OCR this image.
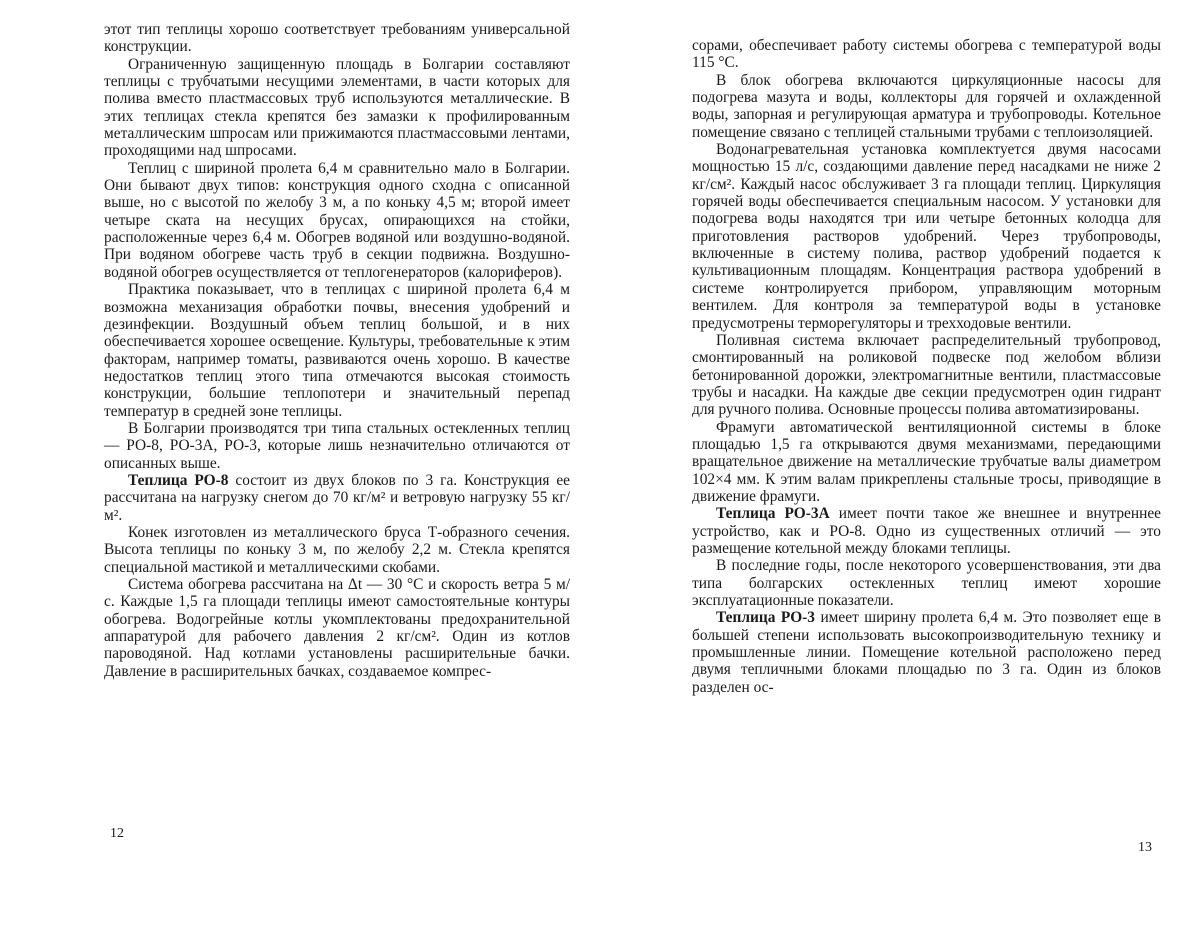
этот тип теплицы хорошо соответствует требованиям универсальной конструкции.

Ограниченную защищенную площадь в Болгарии составляют теплицы с трубчатыми несущими элементами, в части которых для полива вместо пластмассовых труб используются металлические. В этих теплицах стекла крепятся без замазки к профилированным металлическим шпросам или прижимаются пластмассовыми лентами, проходящими над шпросами.

Теплиц с шириной пролета 6,4 м сравнительно мало в Болгарии. Они бывают двух типов: конструкция одного сходна с описанной выше, но с высотой по желобу 3 м, а по коньку 4,5 м; второй имеет четыре ската на несущих брусах, опирающихся на стойки, расположенные через 6,4 м. Обогрев водяной или воздушно-водяной. При водяном обогреве часть труб в секции подвижна. Воздушно-водяной обогрев осуществляется от теплогенераторов (калориферов).

Практика показывает, что в теплицах с шириной пролета 6,4 м возможна механизация обработки почвы, внесения удобрений и дезинфекции. Воздушный объем теплиц большой, и в них обеспечивается хорошее освещение. Культуры, требовательные к этим факторам, например томаты, развиваются очень хорошо. В качестве недостатков теплиц этого типа отмечаются высокая стоимость конструкции, большие теплопотери и значительный перепад температур в средней зоне теплицы.

В Болгарии производятся три типа стальных остекленных теплиц — РО-8, РО-3А, РО-3, которые лишь незначительно отличаются от описанных выше.

Теплица РО-8 состоит из двух блоков по 3 га. Конструкция ее рассчитана на нагрузку снегом до 70 кг/м² и ветровую нагрузку 55 кг/м².

Конек изготовлен из металлического бруса Т-образного сечения. Высота теплицы по коньку 3 м, по желобу 2,2 м. Стекла крепятся специальной мастикой и металлическими скобами.

Система обогрева рассчитана на Δt — 30 °С и скорость ветра 5 м/с. Каждые 1,5 га площади теплицы имеют самостоятельные контуры обогрева. Водогрейные котлы укомплектованы предохранительной аппаратурой для рабочего давления 2 кг/см². Один из котлов пароводяной. Над котлами установлены расширительные бачки. Давление в расширительных бачках, создаваемое компрес-

12

сорами, обеспечивает работу системы обогрева с температурой воды 115 °С.

В блок обогрева включаются циркуляционные насосы для подогрева мазута и воды, коллекторы для горячей и охлажденной воды, запорная и регулирующая арматура и трубопроводы. Котельное помещение связано с теплицей стальными трубами с теплоизоляцией.

Водонагревательная установка комплектуется двумя насосами мощностью 15 л/с, создающими давление перед насадками не ниже 2 кг/см². Каждый насос обслуживает 3 га площади теплиц. Циркуляция горячей воды обеспечивается специальным насосом. У установки для подогрева воды находятся три или четыре бетонных колодца для приготовления растворов удобрений. Через трубопроводы, включенные в систему полива, раствор удобрений подается к культивационным площадям. Концентрация раствора удобрений в системе контролируется прибором, управляющим моторным вентилем. Для контроля за температурой воды в установке предусмотрены терморегуляторы и трехходовые вентили.

Поливная система включает распределительный трубопровод, смонтированный на роликовой подвеске под желобом вблизи бетонированной дорожки, электромагнитные вентили, пластмассовые трубы и насадки. На каждые две секции предусмотрен один гидрант для ручного полива. Основные процессы полива автоматизированы.

Фрамуги автоматической вентиляционной системы в блоке площадью 1,5 га открываются двумя механизмами, передающими вращательное движение на металлические трубчатые валы диаметром 102×4 мм. К этим валам прикреплены стальные тросы, приводящие в движение фрамуги.

Теплица РО-3А имеет почти такое же внешнее и внутреннее устройство, как и РО-8. Одно из существенных отличий — это размещение котельной между блоками теплицы.

В последние годы, после некоторого усовершенствования, эти два типа болгарских остекленных теплиц имеют хорошие эксплуатационные показатели.

Теплица РО-3 имеет ширину пролета 6,4 м. Это позволяет еще в большей степени использовать высокопроизводительную технику и промышленные линии. Помещение котельной расположено перед двумя тепличными блоками площадью по 3 га. Один из блоков разделен ос-

13
